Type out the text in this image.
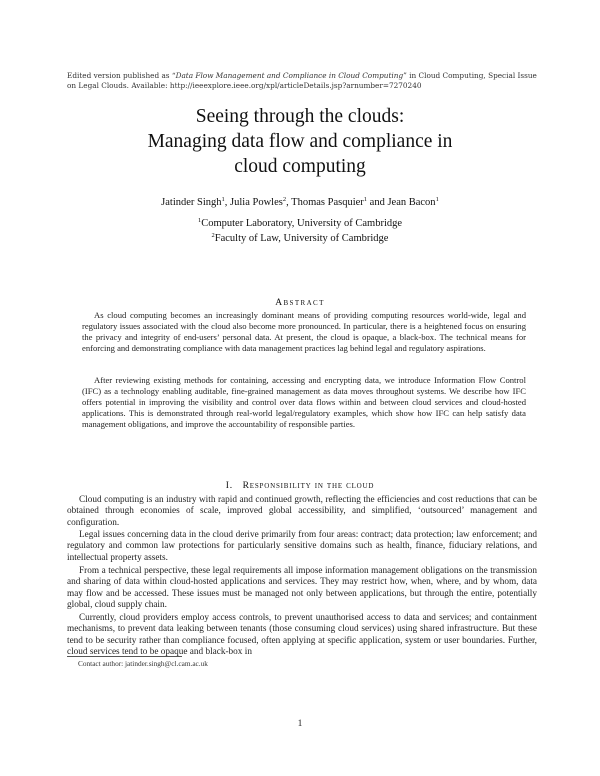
Edited version published as “Data Flow Management and Compliance in Cloud Computing” in Cloud Computing, Special Issue on Legal Clouds. Available: http://ieeexplore.ieee.org/xpl/articleDetails.jsp?arnumber=7270240
Seeing through the clouds:
Managing data flow and compliance in
cloud computing
Jatinder Singh$^1$, Julia Powles$^2$, Thomas Pasquier$^1$ and Jean Bacon$^1$
$^1$Computer Laboratory, University of Cambridge
$^2$Faculty of Law, University of Cambridge
Abstract

As cloud computing becomes an increasingly dominant means of providing computing resources world-wide, legal and regulatory issues associated with the cloud also become more pronounced. In particular, there is a heightened focus on ensuring the privacy and integrity of end-users’ personal data. At present, the cloud is opaque, a black-box. The technical means for enforcing and demonstrating compliance with data management practices lag behind legal and regulatory aspirations.

After reviewing existing methods for containing, accessing and encrypting data, we introduce Information Flow Control (IFC) as a technology enabling auditable, fine-grained management as data moves throughout systems. We describe how IFC offers potential in improving the visibility and control over data flows within and between cloud services and cloud-hosted applications. This is demonstrated through real-world legal/regulatory examples, which show how IFC can help satisfy data management obligations, and improve the accountability of responsible parties.

I. Responsibility in the cloud

Cloud computing is an industry with rapid and continued growth, reflecting the efficiencies and cost reductions that can be obtained through economies of scale, improved global accessibility, and simplified, ‘outsourced’ management and configuration.

Legal issues concerning data in the cloud derive primarily from four areas: contract; data protection; law enforcement; and regulatory and common law protections for particularly sensitive domains such as health, finance, fiduciary relations, and intellectual property assets.

From a technical perspective, these legal requirements all impose information management obligations on the transmission and sharing of data within cloud-hosted applications and services. They may restrict how, when, where, and by whom, data may flow and be accessed. These issues must be managed not only between applications, but through the entire, potentially global, cloud supply chain.

Currently, cloud providers employ access controls, to prevent unauthorised access to data and services; and containment mechanisms, to prevent data leaking between tenants (those consuming cloud services) using shared infrastructure. But these tend to be security rather than compliance focused, often applying at specific application, system or user boundaries. Further, cloud services tend to be opaque and black-box in

Contact author: jatinder.singh@cl.cam.ac.uk
1
